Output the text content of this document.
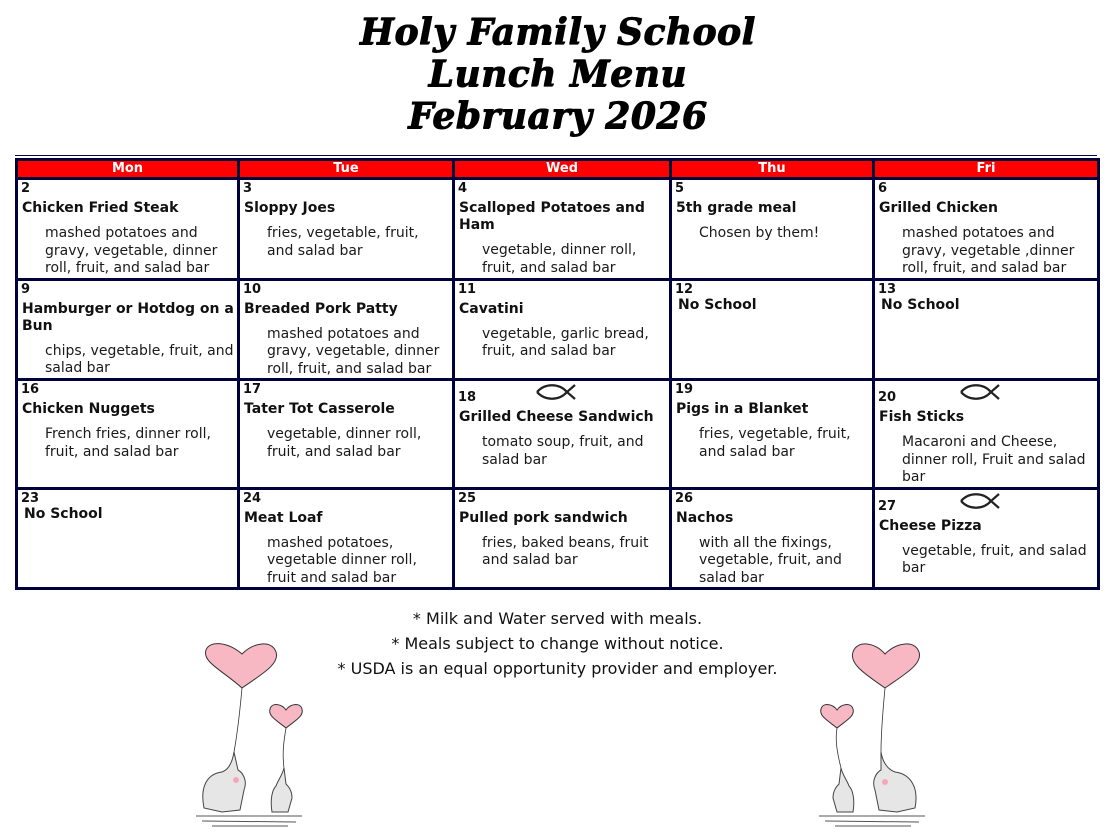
Holy Family School
Lunch Menu
February 2026
Mon	Tue	Wed	Thu	Fri

2
Chicken Fried Steak
mashed potatoes and gravy, vegetable, dinner roll, fruit, and salad bar	3
Sloppy Joes
fries, vegetable, fruit, and salad bar	4
Scalloped Potatoes and Ham
vegetable, dinner roll, fruit, and salad bar	5
5th grade meal
Chosen by them!	6
Grilled Chicken
mashed potatoes and gravy, vegetable ,dinner roll, fruit, and salad bar

9
Hamburger or Hotdog on a Bun
chips, vegetable, fruit, and salad bar	10
Breaded Pork Patty
mashed potatoes and gravy, vegetable, dinner roll, fruit, and salad bar	11
Cavatini
vegetable, garlic bread, fruit, and salad bar	12
No School	13
No School

16
Chicken Nuggets
French fries, dinner roll, fruit, and salad bar	17
Tater Tot Casserole
vegetable, dinner roll, fruit, and salad bar	18
Grilled Cheese Sandwich
tomato soup, fruit, and salad bar	19
Pigs in a Blanket
fries, vegetable, fruit, and salad bar	20
Fish Sticks
Macaroni and Cheese, dinner roll, Fruit and salad bar

23
No School	24
Meat Loaf
mashed potatoes, vegetable dinner roll, fruit and salad bar	25
Pulled pork sandwich
fries, baked beans, fruit and salad bar	26
Nachos
with all the fixings, vegetable, fruit, and salad bar	27
Cheese Pizza
vegetable, fruit, and salad bar
* Milk and Water served with meals.
* Meals subject to change without notice.
* USDA is an equal opportunity provider and employer.
